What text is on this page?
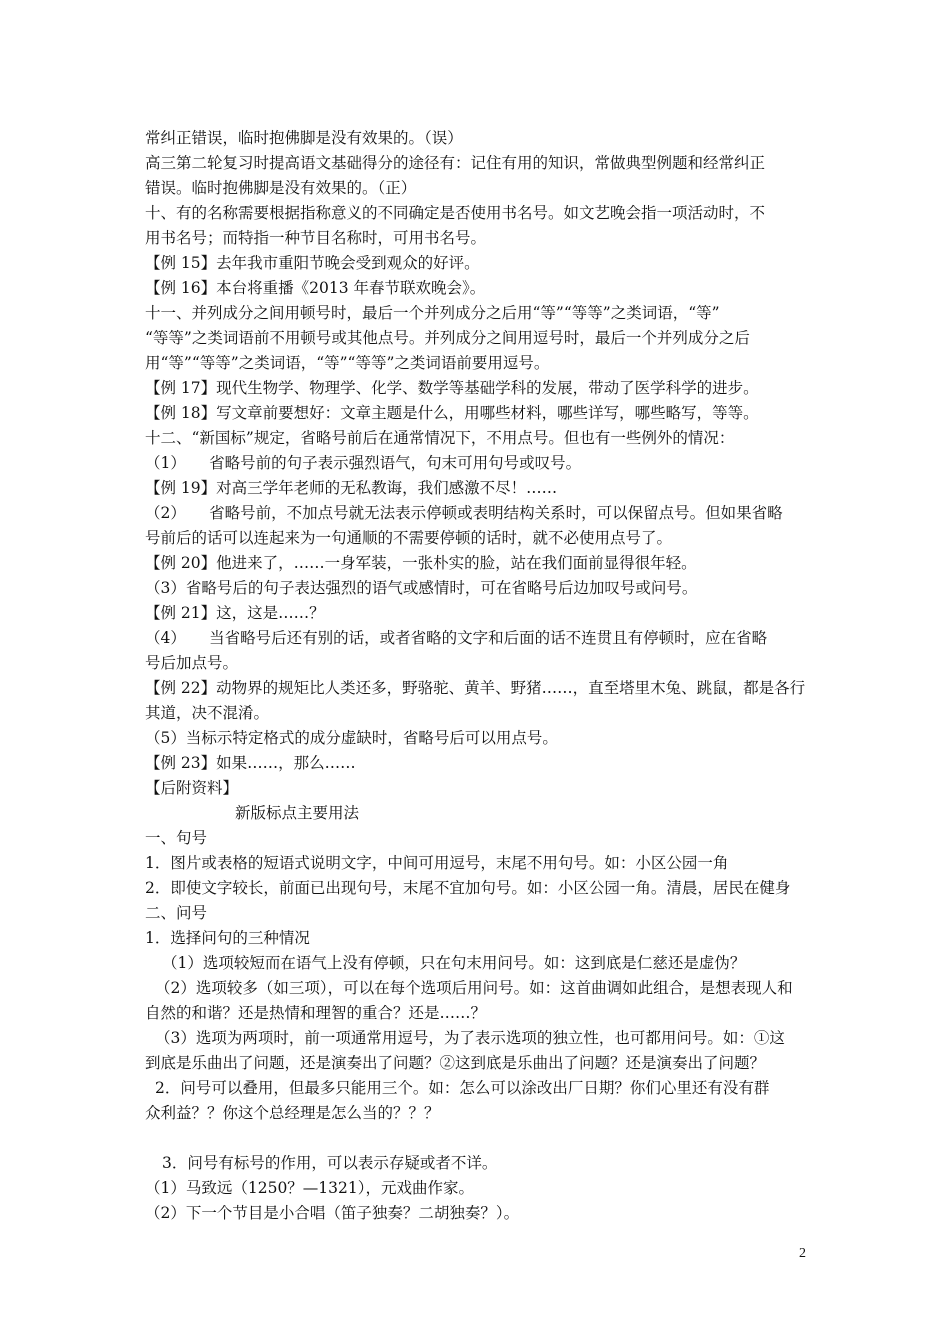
常纠正错误，临时抱佛脚是没有效果的。（误）
高三第二轮复习时提高语文基础得分的途径有：记住有用的知识，常做典型例题和经常纠正
错误。临时抱佛脚是没有效果的。（正）
十、有的名称需要根据指称意义的不同确定是否使用书名号。如文艺晚会指一项活动时，不
用书名号；而特指一种节目名称时，可用书名号。
【例 15】去年我市重阳节晚会受到观众的好评。
【例 16】本台将重播《2013 年春节联欢晚会》。
十一、并列成分之间用顿号时，最后一个并列成分之后用“等”“等等”之类词语，“等”
“等等”之类词语前不用顿号或其他点号。并列成分之间用逗号时，最后一个并列成分之后
用“等”“等等”之类词语，“等”“等等”之类词语前要用逗号。
【例 17】现代生物学、物理学、化学、数学等基础学科的发展，带动了医学科学的进步。
【例 18】写文章前要想好：文章主题是什么，用哪些材料，哪些详写，哪些略写，等等。
十二、“新国标”规定，省略号前后在通常情况下，不用点号。但也有一些例外的情况：
（1）　　省略号前的句子表示强烈语气，句末可用句号或叹号。
【例 19】对高三学年老师的无私教诲，我们感激不尽！……
（2）　　省略号前，不加点号就无法表示停顿或表明结构关系时，可以保留点号。但如果省略
号前后的话可以连起来为一句通顺的不需要停顿的话时，就不必使用点号了。
【例 20】他进来了，……一身军装，一张朴实的脸，站在我们面前显得很年轻。
（3）省略号后的句子表达强烈的语气或感情时，可在省略号后边加叹号或问号。
【例 21】这，这是……？
（4）　　当省略号后还有别的话，或者省略的文字和后面的话不连贯且有停顿时，应在省略
号后加点号。
【例 22】动物界的规矩比人类还多，野骆驼、黄羊、野猪……，直至塔里木兔、跳鼠，都是各行
其道，决不混淆。
（5）当标示特定格式的成分虚缺时，省略号后可以用点号。
【例 23】如果……，那么……
【后附资料】
新版标点主要用法
一、句号
1．图片或表格的短语式说明文字，中间可用逗号，末尾不用句号。如：小区公园一角
2．即使文字较长，前面已出现句号，末尾不宜加句号。如：小区公园一角。清晨，居民在健身
二、问号
1．选择问句的三种情况
（1）选项较短而在语气上没有停顿，只在句末用问号。如：这到底是仁慈还是虚伪？
（2）选项较多（如三项），可以在每个选项后用问号。如：这首曲调如此组合，是想表现人和
自然的和谐？还是热情和理智的重合？还是……？
（3）选项为两项时，前一项通常用逗号，为了表示选项的独立性，也可都用问号。如：①这
到底是乐曲出了问题，还是演奏出了问题？②这到底是乐曲出了问题？还是演奏出了问题？
2．问号可以叠用，但最多只能用三个。如：怎么可以涂改出厂日期？你们心里还有没有群
众利益？？你这个总经理是怎么当的？？？
3．问号有标号的作用，可以表示存疑或者不详。
（1）马致远（1250？—1321），元戏曲作家。
（2）下一个节目是小合唱（笛子独奏？二胡独奏？）。
2
